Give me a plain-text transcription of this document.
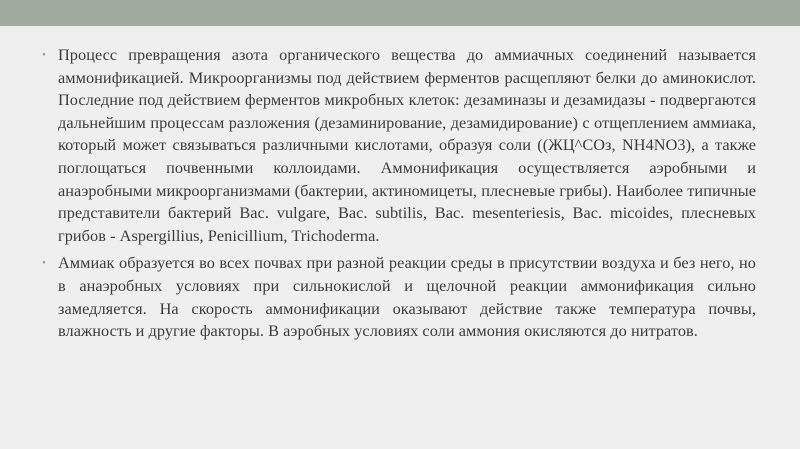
• Процесс превращения азота органического вещества до аммиачных соединений называется аммонификацией. Микроорганизмы под действием ферментов расщепляют белки до аминокислот. Последние под действием ферментов микробных клеток: дезаминазы и дезамидазы - подвергаются дальнейшим процессам разложения (дезаминирование, дезамидирование) с отщеплением аммиака, который может связываться различными кислотами, образуя соли ((ЖЦ^СОз, NH4NO3), а также поглощаться почвенными коллоидами. Аммонификация осуществляется аэробными и анаэробными микроорганизмами (бактерии, актиномицеты, плесневые грибы). Наиболее типичные представители бактерий Bac. vulgare, Bac. subtilis, Bac. mesenteriesis, Bac. micoides, плесневых грибов - Aspergillius, Penicillium, Trichoderma.
• Аммиак образуется во всех почвах при разной реакции среды в присутствии воздуха и без него, но в анаэробных условиях при сильнокислой и щелочной реакции аммонификация сильно замедляется. На скорость аммонификации оказывают действие также температура почвы, влажность и другие факторы. В аэробных условиях соли аммония окисляются до нитратов.
